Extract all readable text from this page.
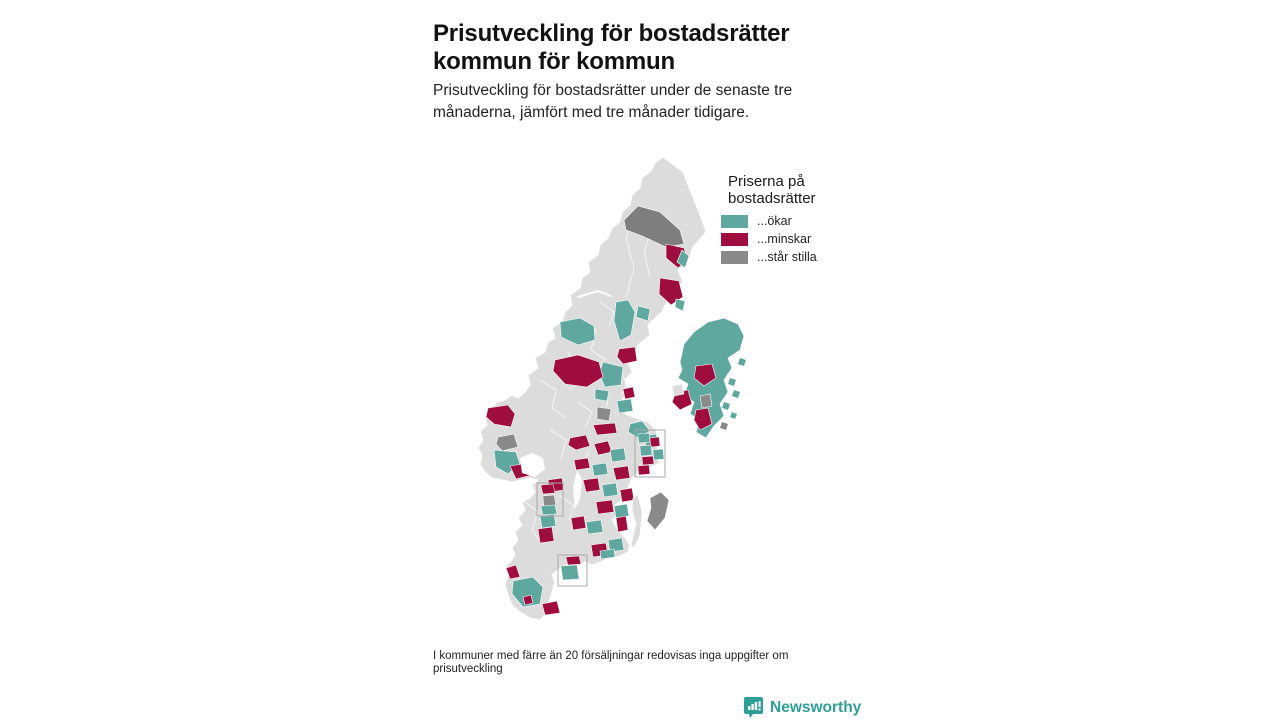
Prisutveckling för bostadsrätter
kommun för kommun
Prisutveckling för bostadsrätter under de senaste tre månaderna, jämfört med tre månader tidigare.
Priserna på
bostadsrätter
...ökar
...minskar
...står stilla
I kommuner med färre än 20 försäljningar redovisas inga uppgifter om prisutveckling
Newsworthy
